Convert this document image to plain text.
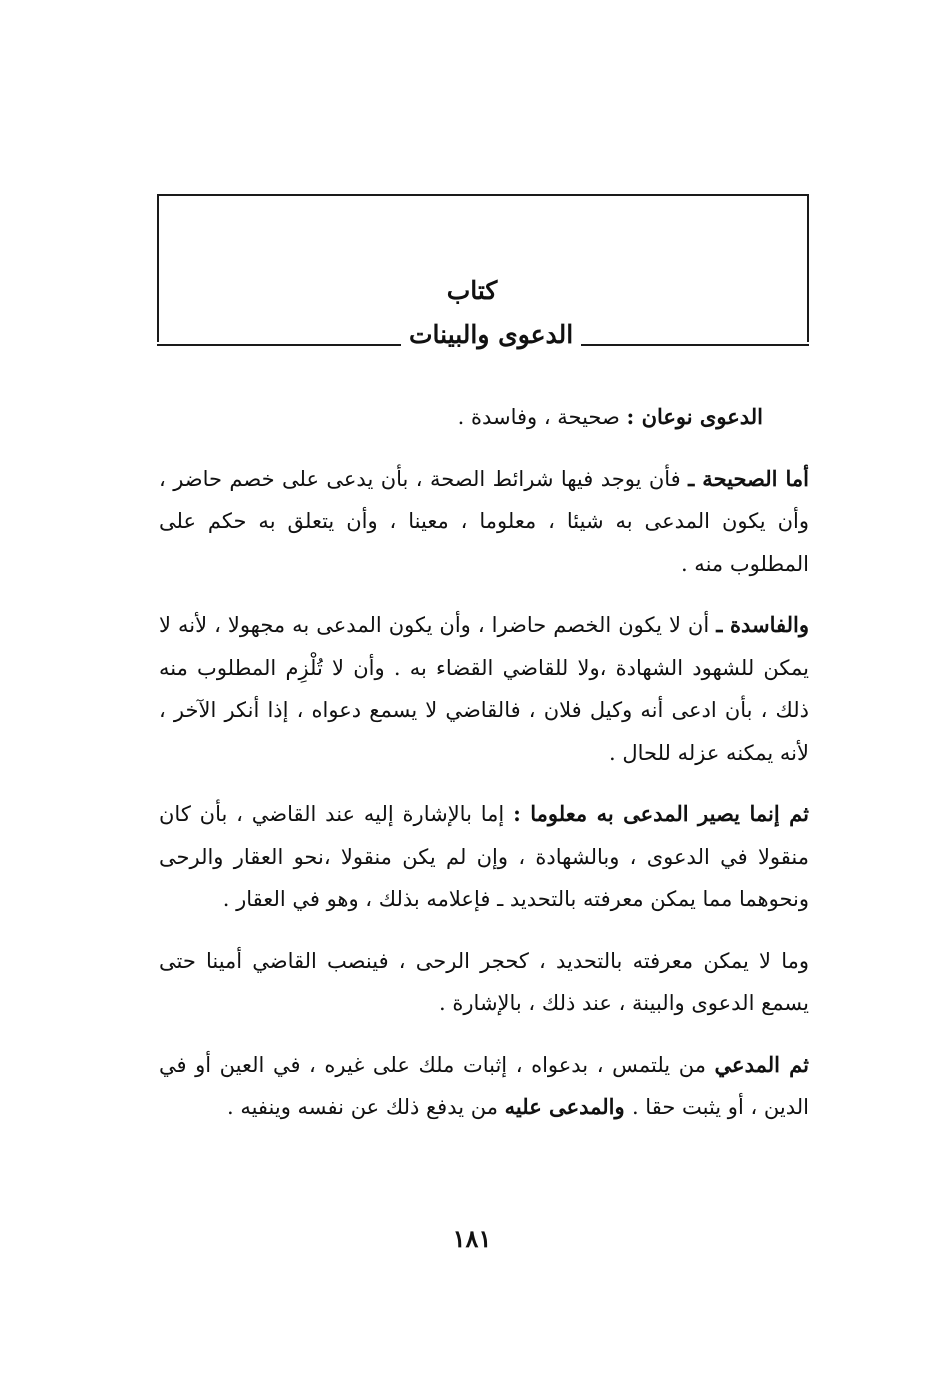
كتاب
الدعوى والبينات

الدعوى نوعان : صحيحة ، وفاسدة .

أما الصحيحة ـ فأن يوجد فيها شرائط الصحة ، بأن يدعى على خصم حاضر ، وأن يكون المدعى به شيئا ، معلوما ، معينا ، وأن يتعلق به حكم على المطلوب منه .

والفاسدة ـ أن لا يكون الخصم حاضرا ، وأن يكون المدعى به مجهولا ، لأنه لا يمكن للشهود الشهادة ،ولا للقاضي القضاء به . وأن لا تُلْزِم المطلوب منه ذلك ، بأن ادعى أنه وكيل فلان ، فالقاضي لا يسمع دعواه ، إذا أنكر الآخر ، لأنه يمكنه عزله للحال .

ثم إنما يصير المدعى به معلوما : إما بالإشارة إليه عند القاضي ، بأن كان منقولا في الدعوى ، وبالشهادة ، وإن لم يكن منقولا ،نحو العقار والرحى ونحوهما مما يمكن معرفته بالتحديد ـ فإعلامه بذلك ، وهو في العقار .

وما لا يمكن معرفته بالتحديد ، كحجر الرحى ، فينصب القاضي أمينا حتى يسمع الدعوى والبينة ، عند ذلك ، بالإشارة .

ثم المدعي من يلتمس ، بدعواه ، إثبات ملك على غيره ، في العين أو في الدين ، أو يثبت حقا . والمدعى عليه من يدفع ذلك عن نفسه وينفيه .

١٨١
